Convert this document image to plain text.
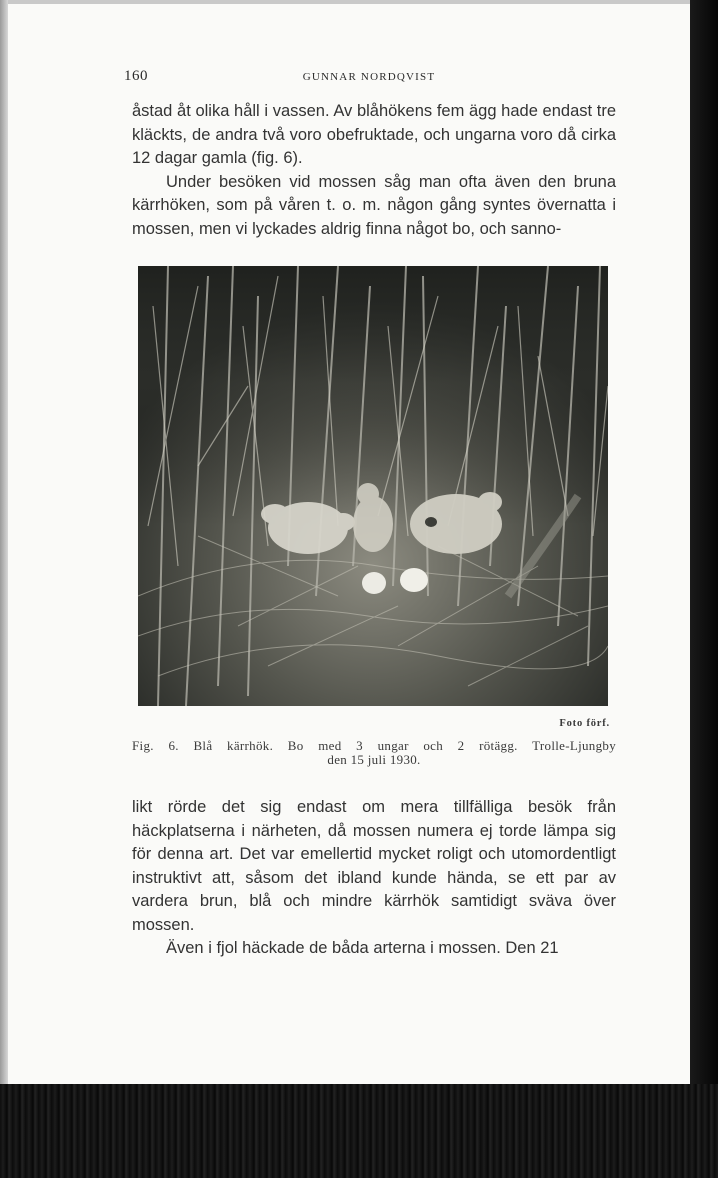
160	GUNNAR NORDQVIST

åstad åt olika håll i vassen. Av blåhökens fem ägg hade endast tre kläckts, de andra två voro obefruktade, och ungarna voro då cirka 12 dagar gamla (fig. 6).

Under besöken vid mossen såg man ofta även den bruna kärrhöken, som på våren t. o. m. någon gång syntes övernatta i mossen, men vi lyckades aldrig finna något bo, och sanno-

Foto förf.
Fig. 6. Blå kärrhök. Bo med 3 ungar och 2 rötägg. Trolle-Ljungby
den 15 juli 1930.

likt rörde det sig endast om mera tillfälliga besök från häckplatserna i närheten, då mossen numera ej torde lämpa sig för denna art. Det var emellertid mycket roligt och utomordentligt instruktivt att, såsom det ibland kunde hända, se ett par av vardera brun, blå och mindre kärrhök samtidigt sväva över mossen.

Även i fjol häckade de båda arterna i mossen. Den 21
